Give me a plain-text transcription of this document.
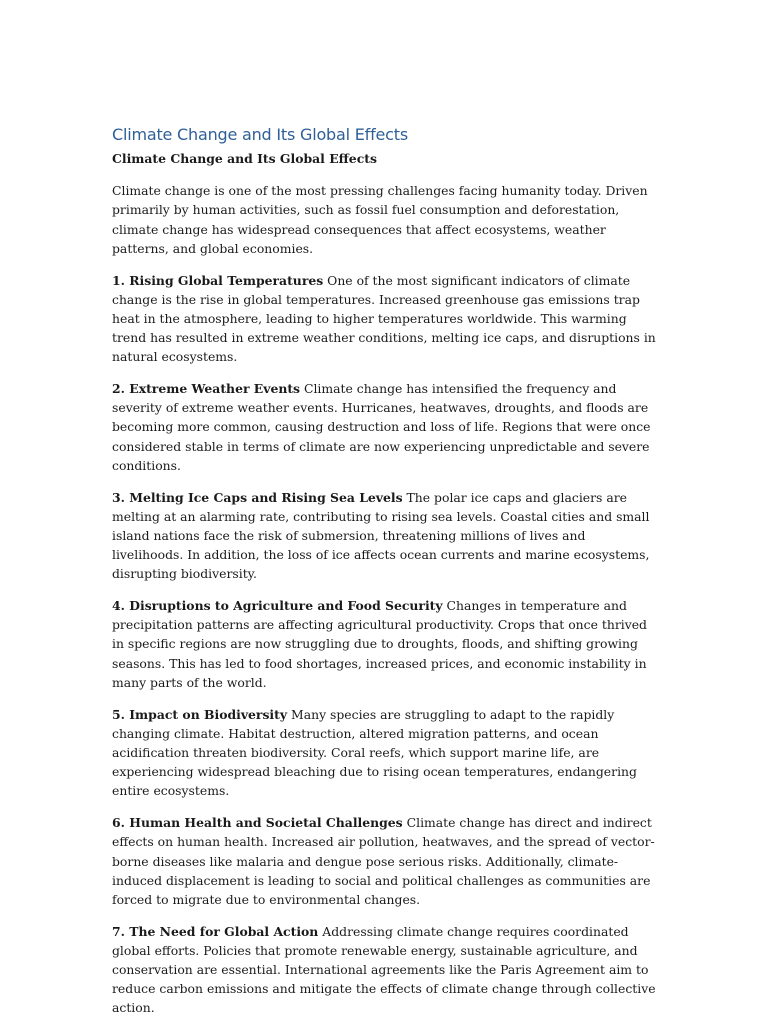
Climate Change and Its Global Effects
Climate Change and Its Global Effects

Climate change is one of the most pressing challenges facing humanity today. Driven primarily by human activities, such as fossil fuel consumption and deforestation, climate change has widespread consequences that affect ecosystems, weather patterns, and global economies.

1. Rising Global Temperatures One of the most significant indicators of climate change is the rise in global temperatures. Increased greenhouse gas emissions trap heat in the atmosphere, leading to higher temperatures worldwide. This warming trend has resulted in extreme weather conditions, melting ice caps, and disruptions in natural ecosystems.

2. Extreme Weather Events Climate change has intensified the frequency and severity of extreme weather events. Hurricanes, heatwaves, droughts, and floods are becoming more common, causing destruction and loss of life. Regions that were once considered stable in terms of climate are now experiencing unpredictable and severe conditions.

3. Melting Ice Caps and Rising Sea Levels The polar ice caps and glaciers are melting at an alarming rate, contributing to rising sea levels. Coastal cities and small island nations face the risk of submersion, threatening millions of lives and livelihoods. In addition, the loss of ice affects ocean currents and marine ecosystems, disrupting biodiversity.

4. Disruptions to Agriculture and Food Security Changes in temperature and precipitation patterns are affecting agricultural productivity. Crops that once thrived in specific regions are now struggling due to droughts, floods, and shifting growing seasons. This has led to food shortages, increased prices, and economic instability in many parts of the world.

5. Impact on Biodiversity Many species are struggling to adapt to the rapidly changing climate. Habitat destruction, altered migration patterns, and ocean acidification threaten biodiversity. Coral reefs, which support marine life, are experiencing widespread bleaching due to rising ocean temperatures, endangering entire ecosystems.

6. Human Health and Societal Challenges Climate change has direct and indirect effects on human health. Increased air pollution, heatwaves, and the spread of vector-borne diseases like malaria and dengue pose serious risks. Additionally, climate-induced displacement is leading to social and political challenges as communities are forced to migrate due to environmental changes.

7. The Need for Global Action Addressing climate change requires coordinated global efforts. Policies that promote renewable energy, sustainable agriculture, and conservation are essential. International agreements like the Paris Agreement aim to reduce carbon emissions and mitigate the effects of climate change through collective action.
